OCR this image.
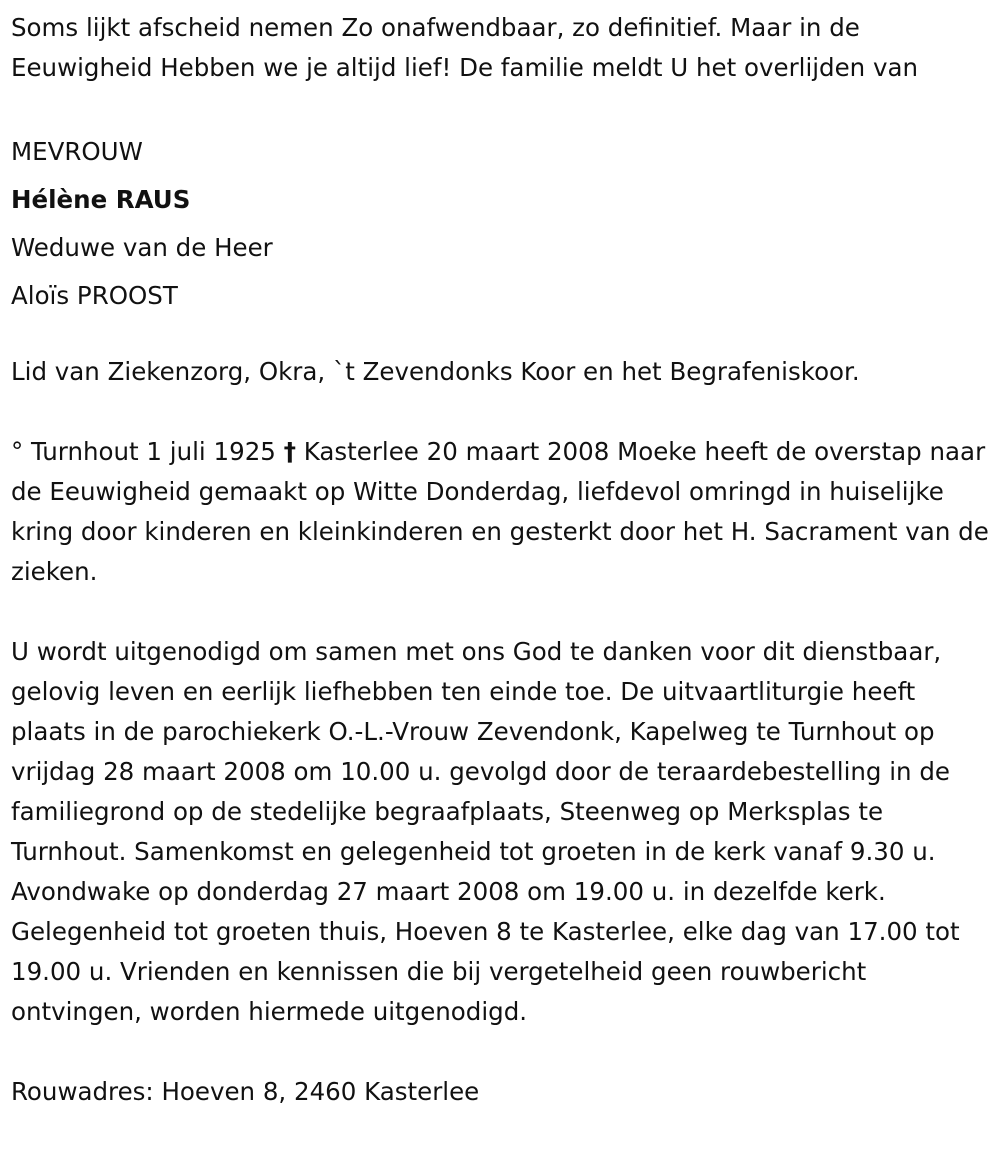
Soms lijkt afscheid nemen Zo onafwendbaar, zo definitief. Maar in de Eeuwigheid Hebben we je altijd lief! De familie meldt U het overlijden van

MEVROUW
Hélène RAUS
Weduwe van de Heer
Aloïs PROOST

Lid van Ziekenzorg, Okra, `t Zevendonks Koor en het Begrafeniskoor.

° Turnhout 1 juli 1925 † Kasterlee 20 maart 2008 Moeke heeft de overstap naar de Eeuwigheid gemaakt op Witte Donderdag, liefdevol omringd in huiselijke kring door kinderen en kleinkinderen en gesterkt door het H. Sacrament van de zieken.

U wordt uitgenodigd om samen met ons God te danken voor dit dienstbaar, gelovig leven en eerlijk liefhebben ten einde toe. De uitvaartliturgie heeft plaats in de parochiekerk O.-L.-Vrouw Zevendonk, Kapelweg te Turnhout op vrijdag 28 maart 2008 om 10.00 u. gevolgd door de teraardebestelling in de familiegrond op de stedelijke begraafplaats, Steenweg op Merksplas te Turnhout. Samenkomst en gelegenheid tot groeten in de kerk vanaf 9.30 u. Avondwake op donderdag 27 maart 2008 om 19.00 u. in dezelfde kerk. Gelegenheid tot groeten thuis, Hoeven 8 te Kasterlee, elke dag van 17.00 tot 19.00 u. Vrienden en kennissen die bij vergetelheid geen rouwbericht ontvingen, worden hiermede uitgenodigd.

Rouwadres: Hoeven 8, 2460 Kasterlee
